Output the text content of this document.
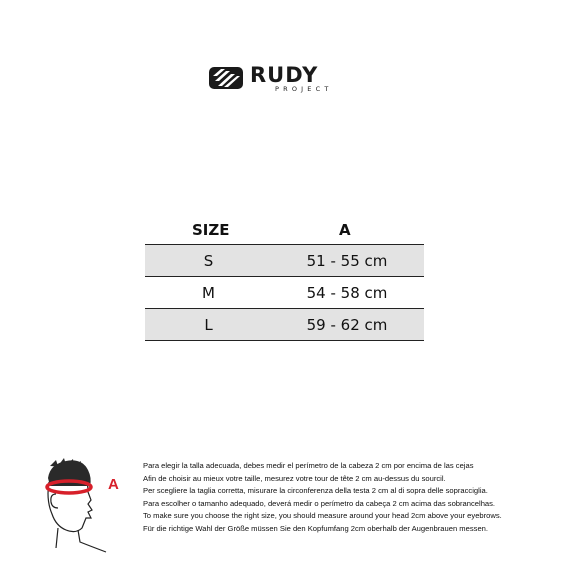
RUDY
PROJECT
SIZE	A
S	51 - 55 cm
M	54 - 58 cm
L	59 - 62 cm
A
Para elegir la talla adecuada, debes medir el perímetro de la cabeza 2 cm por encima de las cejas
Afin de choisir au mieux votre taille, mesurez votre tour de tête 2 cm au-dessus du sourcil.
Per scegliere la taglia corretta, misurare la circonferenza della testa 2 cm al di sopra delle sopracciglia.
Para escolher o tamanho adequado, deverá medir o perímetro da cabeça 2 cm acima das sobrancelhas.
To make sure you choose the right size, you should measure around your head 2cm above your eyebrows.
Für die richtige Wahl der Größe müssen Sie den Kopfumfang 2cm oberhalb der Augenbrauen messen.
